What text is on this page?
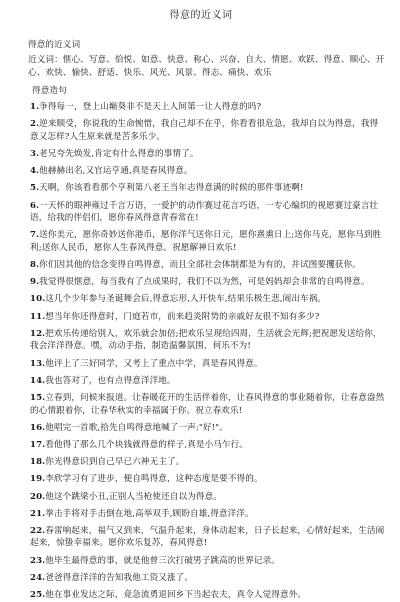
得意的近义词
得意的近义词
近义词：惬心、写意、恰悦、如意、快意、称心、兴奋、自大、情愿、欢跃、得意、顺心、开心、欢快、愉快、舒适、快乐、风光、风景、得志、痛快、欢乐
得意造句
1.争得每一，登上山巅葵非不是天上人间第一让人得意的吗?
2.逆来顺受，你说我的生命惋惜，我自己却不在乎，你看看很危急，我却自以为得意，我得意又怎样?人生原来就是苦多乐少。
3.老兄夸先焕发,肯定有什么得意的事情了。
4.他赫赫出名,又官运亨通,真是春风得意。
5.天啊，你该看看那个亨利第八老王当年志得意满的时候的那件事迹啊!
6.一天怀的眼神雍过千言万语，一爱护的动作赛过花言巧语，一专心编织的视愿赛过豪言壮语，给我的伴侣们，愿你春风得意青春常在!
7.送你美元，愿你奇妙送你港币，愿你洋气送你日元，愿你熹熏日上;送你马克，愿你马到胜利;送你人民币，愿你人生春风得意。祝愿解神日欢乐!
8.你们因其他的信念变得自鸣得意，而且全部社会体制都是为有的，并试图要攫获你。
9.我觉得很惬意，每当我有了点成果时，我们不以为然，可是妈妈却会非常的自鸣得意。
10.这几个少年参与圣诞舞会后,得意忘形,人开快车,结果乐极生悲,闹出车祸。
11.想当年你还得意时，门庭若市，前来趋炎附势的亲戚好友很不知有多少?
12.把欢乐传递给别人，欢乐就会加倍;把欢乐呈现给四周，生活就会光辉;把祝愿发送给你，我会洋洋得意。嘿，动动手指，制造温馨氛围，何乐不为!
13.他评上了三好同学，又考上了重点中学，真是春风得意。
14.我也答对了，也有点得意洋洋地。
15.立春到，问候来报道。让春暖花开的生活伴着你，让春风得意的事业随着你，让春意盎然的心情跟着你，让春华秋实的幸福属于你。祝立春欢乐!
16.他唱完一首歌,拾先自鸣得意地喊了一声:"好!"。
17.看他得了那么几个块钱就得意的样子,真是小马乍行。
18.你光得意识到自己早已六神无主了。
19.李欣学习有了进步，便自鸣得意，这种态度是要不得的。
20.他这个跳梁小丑,正别人当枪使还自以为得意。
21.拳击手将对手击倒在地,高举双手,顾盼自雄,得意洋洋。
22.春雷响起来，福气又到来，气温升起来，身体动起来，日子长起来，心情好起来，生活闹起来，惊蛰幸福来。愿你欢乐复苏，春风得意!
23.他毕生最得意的事，就是他曾三次打破男子跳高的世界记录。
24.爸爸得意洋洋的告知我他工资又涨了。
25.他在事业发达之际，竟急流勇退回乡下当起农夫，真令人觉得意外。
